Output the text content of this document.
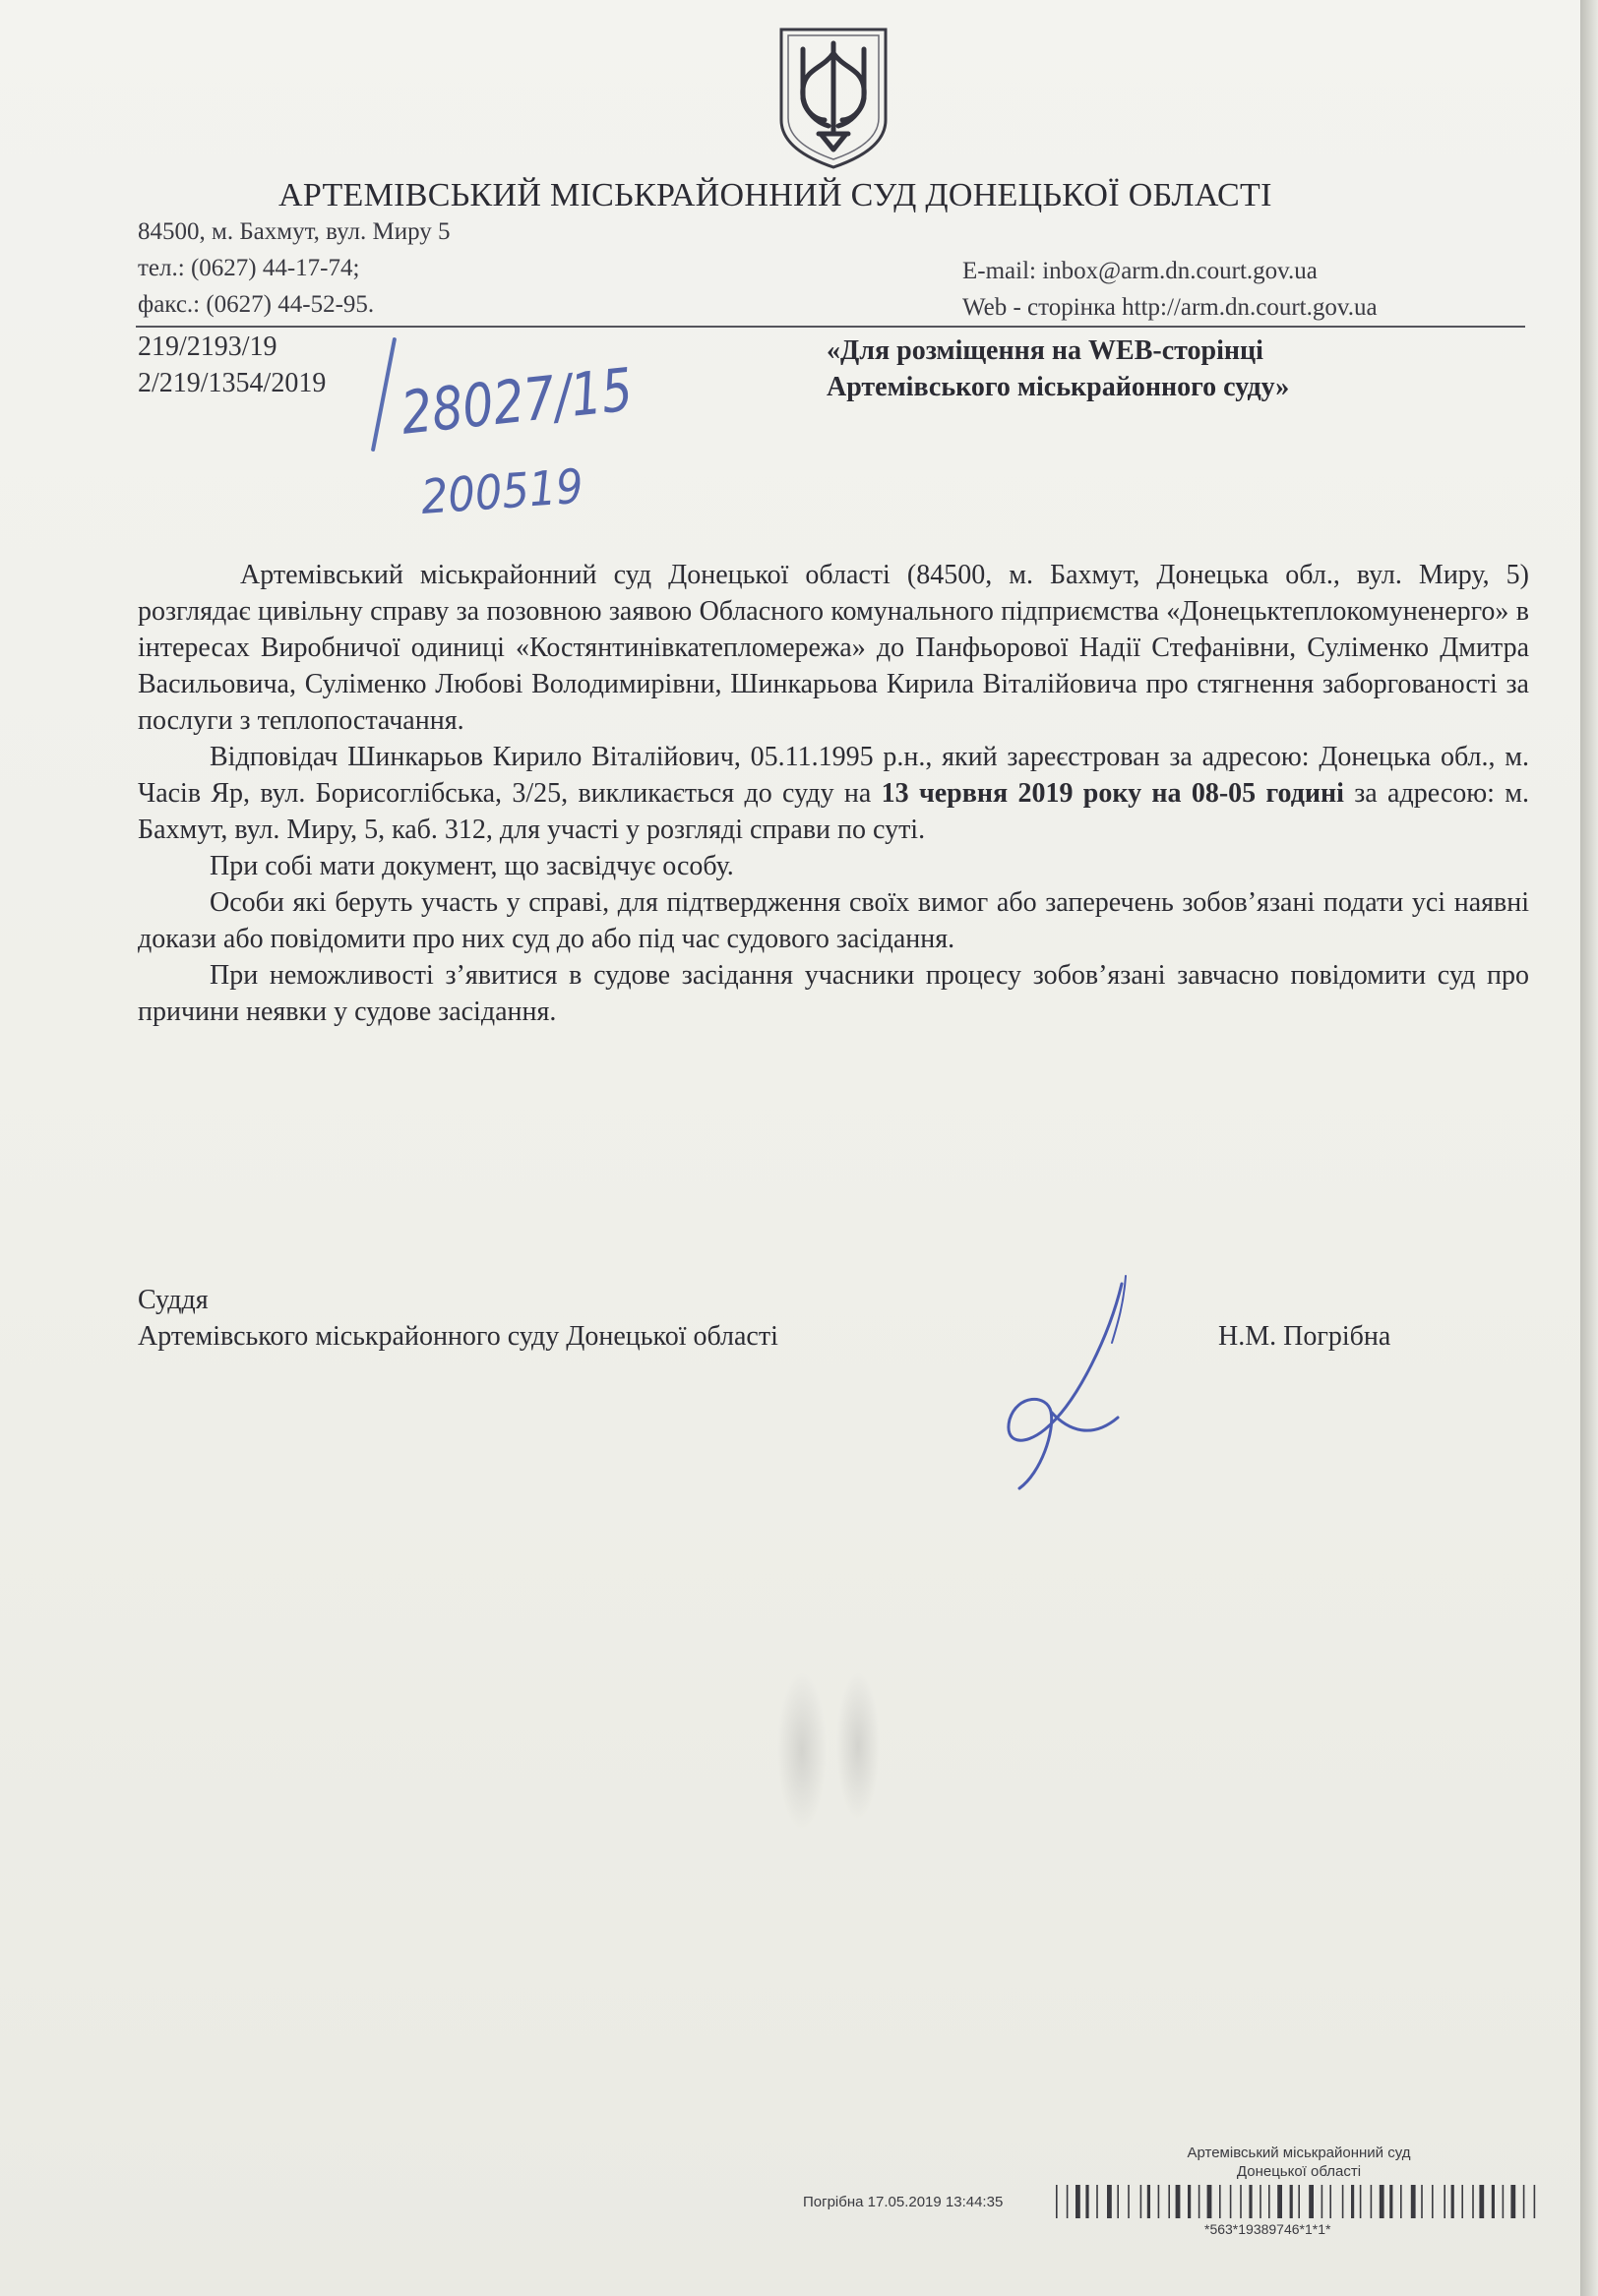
АРТЕМІВСЬКИЙ МІСЬКРАЙОННИЙ СУД ДОНЕЦЬКОЇ ОБЛАСТІ
84500, м. Бахмут, вул. Миру 5
тел.: (0627) 44-17-74;
факс.: (0627) 44-52-95.
E-mail: inbox@arm.dn.court.gov.ua
Web - сторінка http://arm.dn.court.gov.ua
219/2193/19
2/219/1354/2019 28027/15
200519
«Для розміщення на WEB-сторінці
Артемівського міськрайонного суду»

Артемівський міськрайонний суд Донецької області (84500, м. Бахмут, Донецька обл., вул. Миру, 5) розглядає цивільну справу за позовною заявою Обласного комунального підприємства «Донецьктеплокомуненерго» в інтересах Виробничої одиниці «Костянтинівкатепломережа» до Панфьорової Надії Стефанівни, Суліменко Дмитра Васильовича, Суліменко Любові Володимирівни, Шинкарьова Кирила Віталійовича про стягнення заборгованості за послуги з теплопостачання.

Відповідач Шинкарьов Кирило Віталійович, 05.11.1995 р.н., який зареєстрован за адресою: Донецька обл., м. Часів Яр, вул. Борисоглібська, 3/25, викликається до суду на 13 червня 2019 року на 08-05 годині за адресою: м. Бахмут, вул. Миру, 5, каб. 312, для участі у розгляді справи по суті.

При собі мати документ, що засвідчує особу.

Особи які беруть участь у справі, для підтвердження своїх вимог або заперечень зобов’язані подати усі наявні докази або повідомити про них суд до або під час судового засідання.

При неможливості з’явитися в судове засідання учасники процесу зобов’язані завчасно повідомити суд про причини неявки у судове засідання.

Суддя
Артемівського міськрайонного суду Донецької області	Н.М. Погрібна
Артемівський міськрайонний суд
Донецької області
Погрібна 17.05.2019 13:44:35
*563*19389746*1*1*
